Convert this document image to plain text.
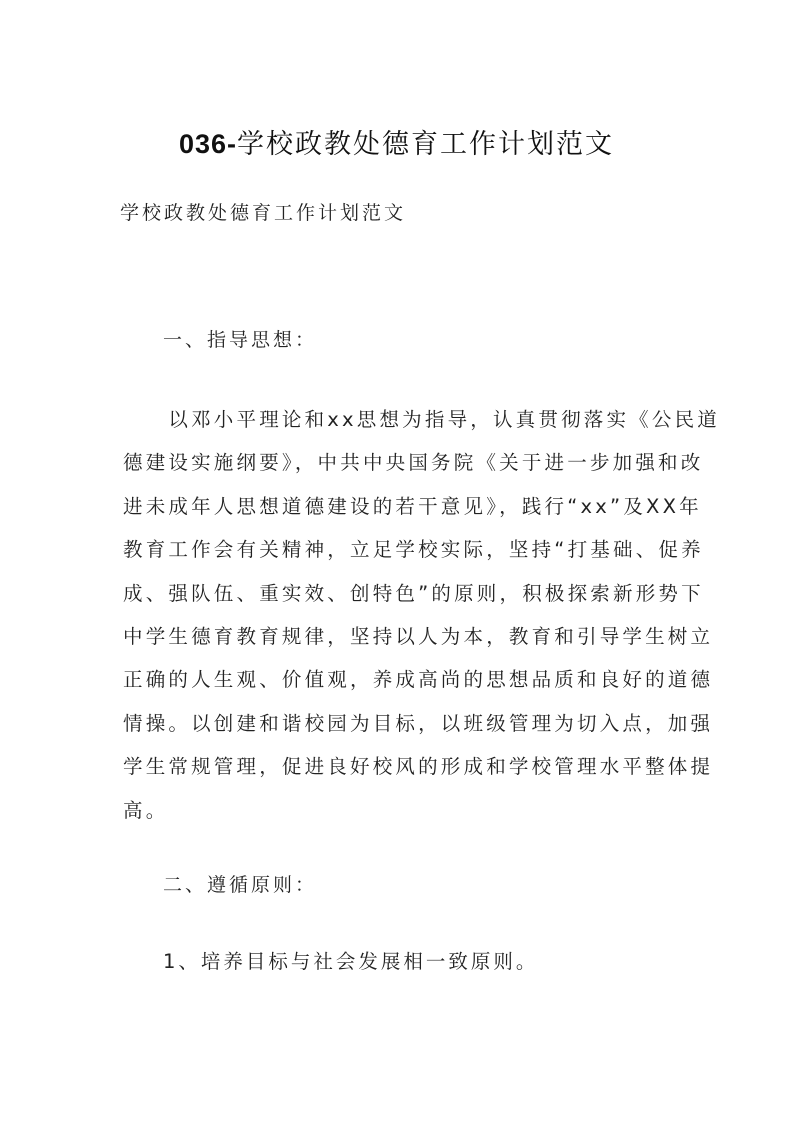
036-学校政教处德育工作计划范文
学校政教处德育工作计划范文
一、指导思想：
　　以邓小平理论和xx思想为指导，认真贯彻落实《公民道
德建设实施纲要》，中共中央国务院《关于进一步加强和改
进未成年人思想道德建设的若干意见》，践行“xx”及XX年
教育工作会有关精神，立足学校实际，坚持“打基础、促养
成、强队伍、重实效、创特色”的原则，积极探索新形势下
中学生德育教育规律，坚持以人为本，教育和引导学生树立
正确的人生观、价值观，养成高尚的思想品质和良好的道德
情操。以创建和谐校园为目标，以班级管理为切入点，加强
学生常规管理，促进良好校风的形成和学校管理水平整体提
高。
二、遵循原则：
1、培养目标与社会发展相一致原则。
